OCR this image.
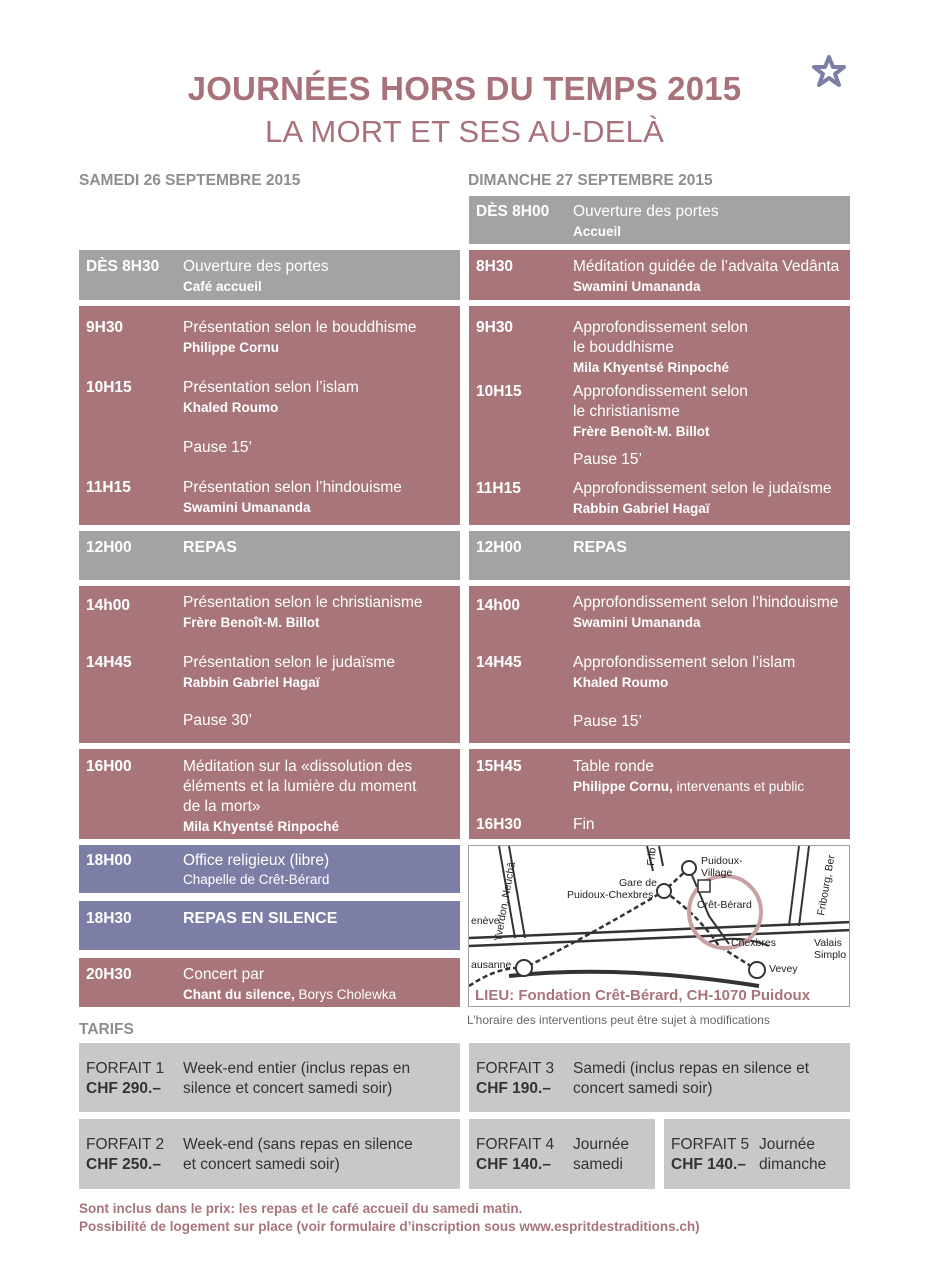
JOURNÉES HORS DU TEMPS 2015
LA MORT ET SES AU-DELÀ
SAMEDI 26 SEPTEMBRE 2015
DÈS 8H30 Ouverture des portes
Café accueil
9H30	Présentation selon le bouddhisme
Philippe Cornu
10H15	Présentation selon l’islam
Khaled Roumo
Pause 15’
11H15	Présentation selon l’hindouisme
Swamini Umananda
12H00	REPAS
14h00	Présentation selon le christianisme
Frère Benoît-M. Billot
14H45	Présentation selon le judaïsme
Rabbin Gabriel Hagaï
Pause 30’
16H00	Méditation sur la «dissolution des
éléments et la lumière du moment
de la mort»
Mila Khyentsé Rinpoché
18H00	Office religieux (libre)
Chapelle de Crêt-Bérard
18H30	REPAS EN SILENCE
20H30	Concert par
Chant du silence, Borys Cholewka
DIMANCHE 27 SEPTEMBRE 2015
DÈS 8H00 Ouverture des portes
Accueil
8H30	Méditation guidée de l’advaita Vedânta
Swamini Umananda
9H30	Approfondissement selon
le bouddhisme
Mila Khyentsé Rinpoché
10H15	Approfondissement selon
le christianisme
Frère Benoît-M. Billot
Pause 15’
11H15	Approfondissement selon le judaïsme
Rabbin Gabriel Hagaï
12H00	REPAS
14h00	Approfondissement selon l’hindouisme
Swamini Umananda
14H45	Approfondissement selon l’islam
Khaled Roumo
Pause 15’
15H45	Table ronde
Philippe Cornu, intervenants et public
16H30	Fin
Yverdon, Neuchâ
Frib	Puidoux-
Village	Fribourg, Ber
Gare de
Puidoux-Chexbres
Crêt-Bérard
enève
Chexbres	Valais
Simplo
ausanne	Vevey
LIEU: Fondation Crêt-Bérard, CH-1070 Puidoux
L’horaire des interventions peut être sujet à modifications
TARIFS
FORFAIT 1
CHF 290.–
Week-end entier (inclus repas en
silence et concert samedi soir)
FORFAIT 3
CHF 190.–
Samedi (inclus repas en silence et
concert samedi soir)
FORFAIT 2
CHF 250.–
Week-end (sans repas en silence
et concert samedi soir)
FORFAIT 4
CHF 140.–
Journée
samedi
FORFAIT 5
CHF 140.–
Journée
dimanche
Sont inclus dans le prix: les repas et le café accueil du samedi matin.
Possibilité de logement sur place (voir formulaire d’inscription sous www.espritdestraditions.ch)
